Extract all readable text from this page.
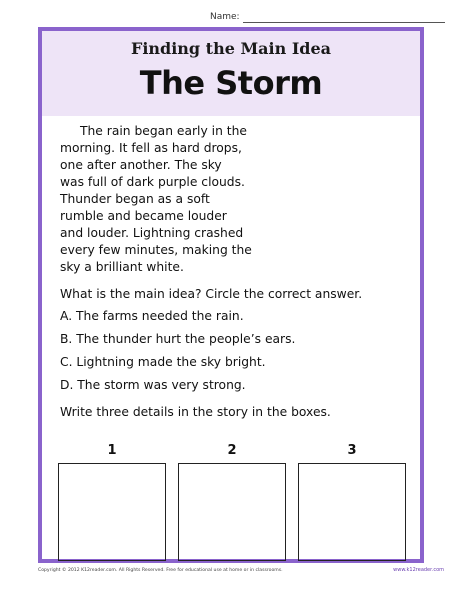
Name:
Finding the Main Idea
The Storm

The rain began early in the
morning. It fell as hard drops,
one after another. The sky
was full of dark purple clouds.
Thunder began as a soft
rumble and became louder
and louder. Lightning crashed
every few minutes, making the
sky a brilliant white.

What is the main idea? Circle the correct answer.
A. The farms needed the rain.
B. The thunder hurt the people’s ears.
C. Lightning made the sky bright.
D. The storm was very strong.
Write three details in the story in the boxes.
1	2	3
Copyright © 2012 K12reader.com. All Rights Reserved. Free for educational use at home or in classrooms.	www.k12reader.com
